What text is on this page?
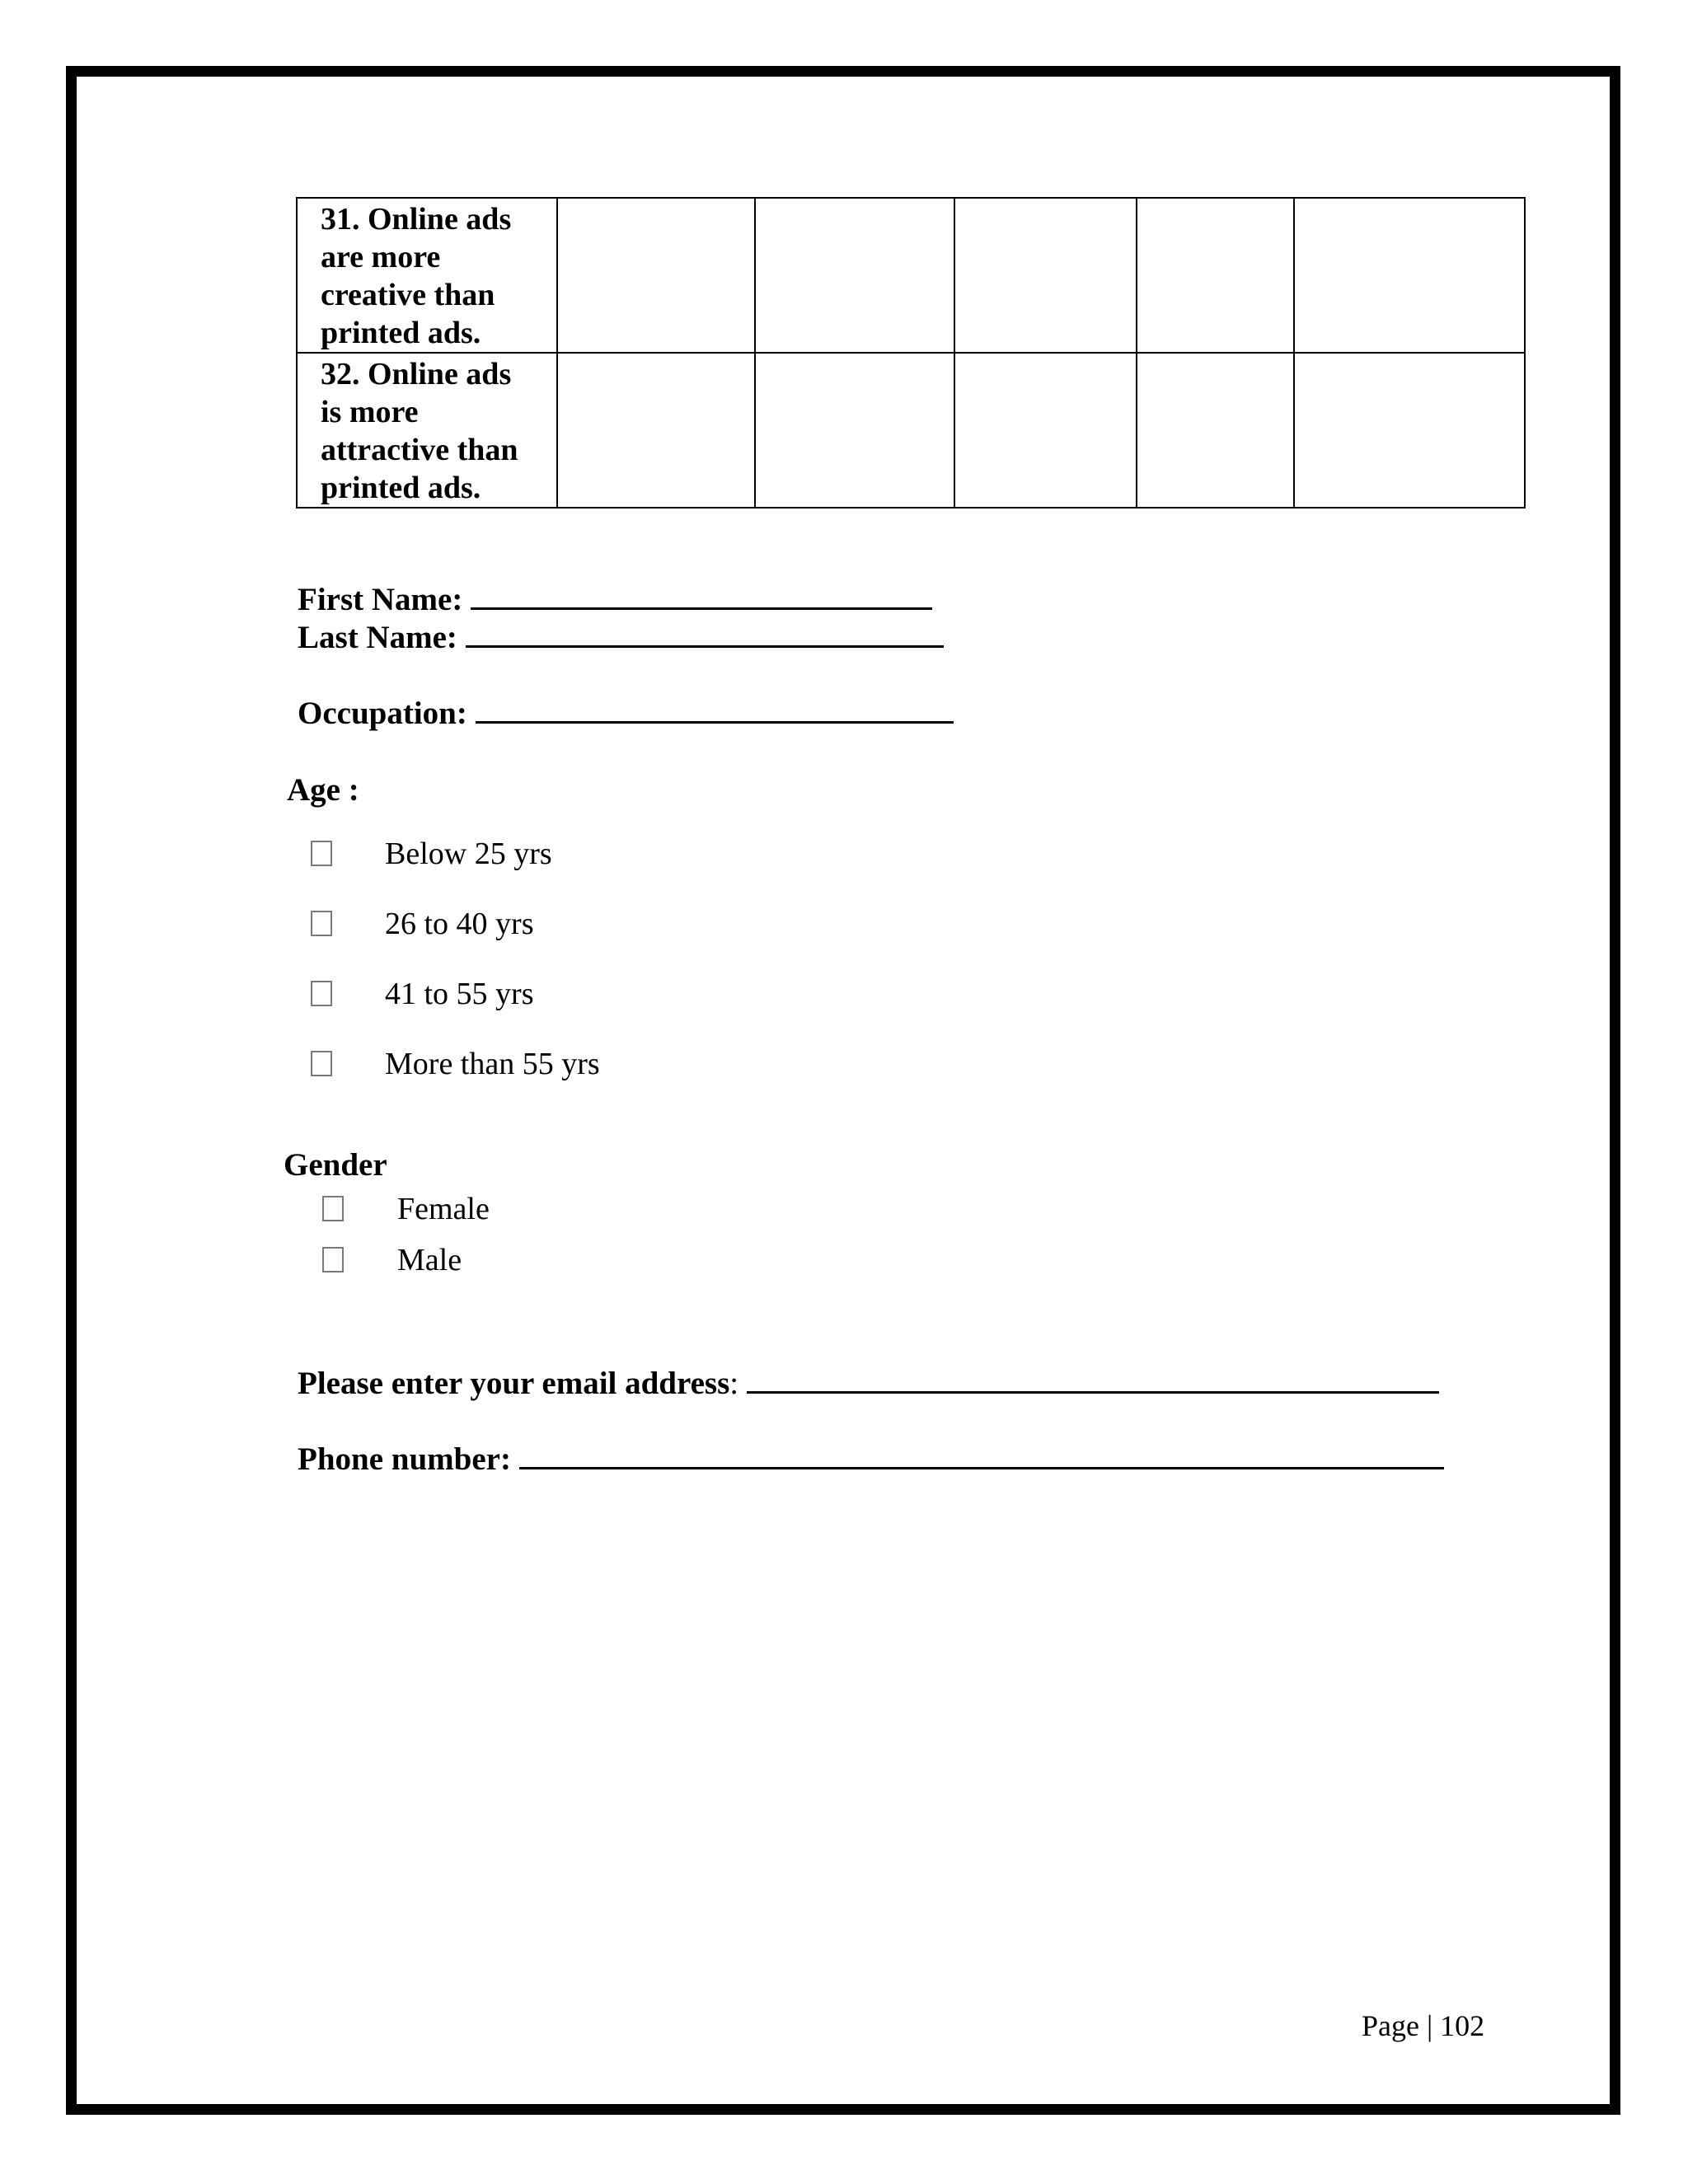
31. Online ads
are more
creative than
printed ads.					

32. Online ads
is more
attractive than
printed ads.					

First Name:
Last Name:
Occupation:
Age :
Below 25 yrs
26 to 40 yrs
41 to 55 yrs
More than 55 yrs
Gender
Female
Male
Please enter your email address :
Phone number:
Page | 102
